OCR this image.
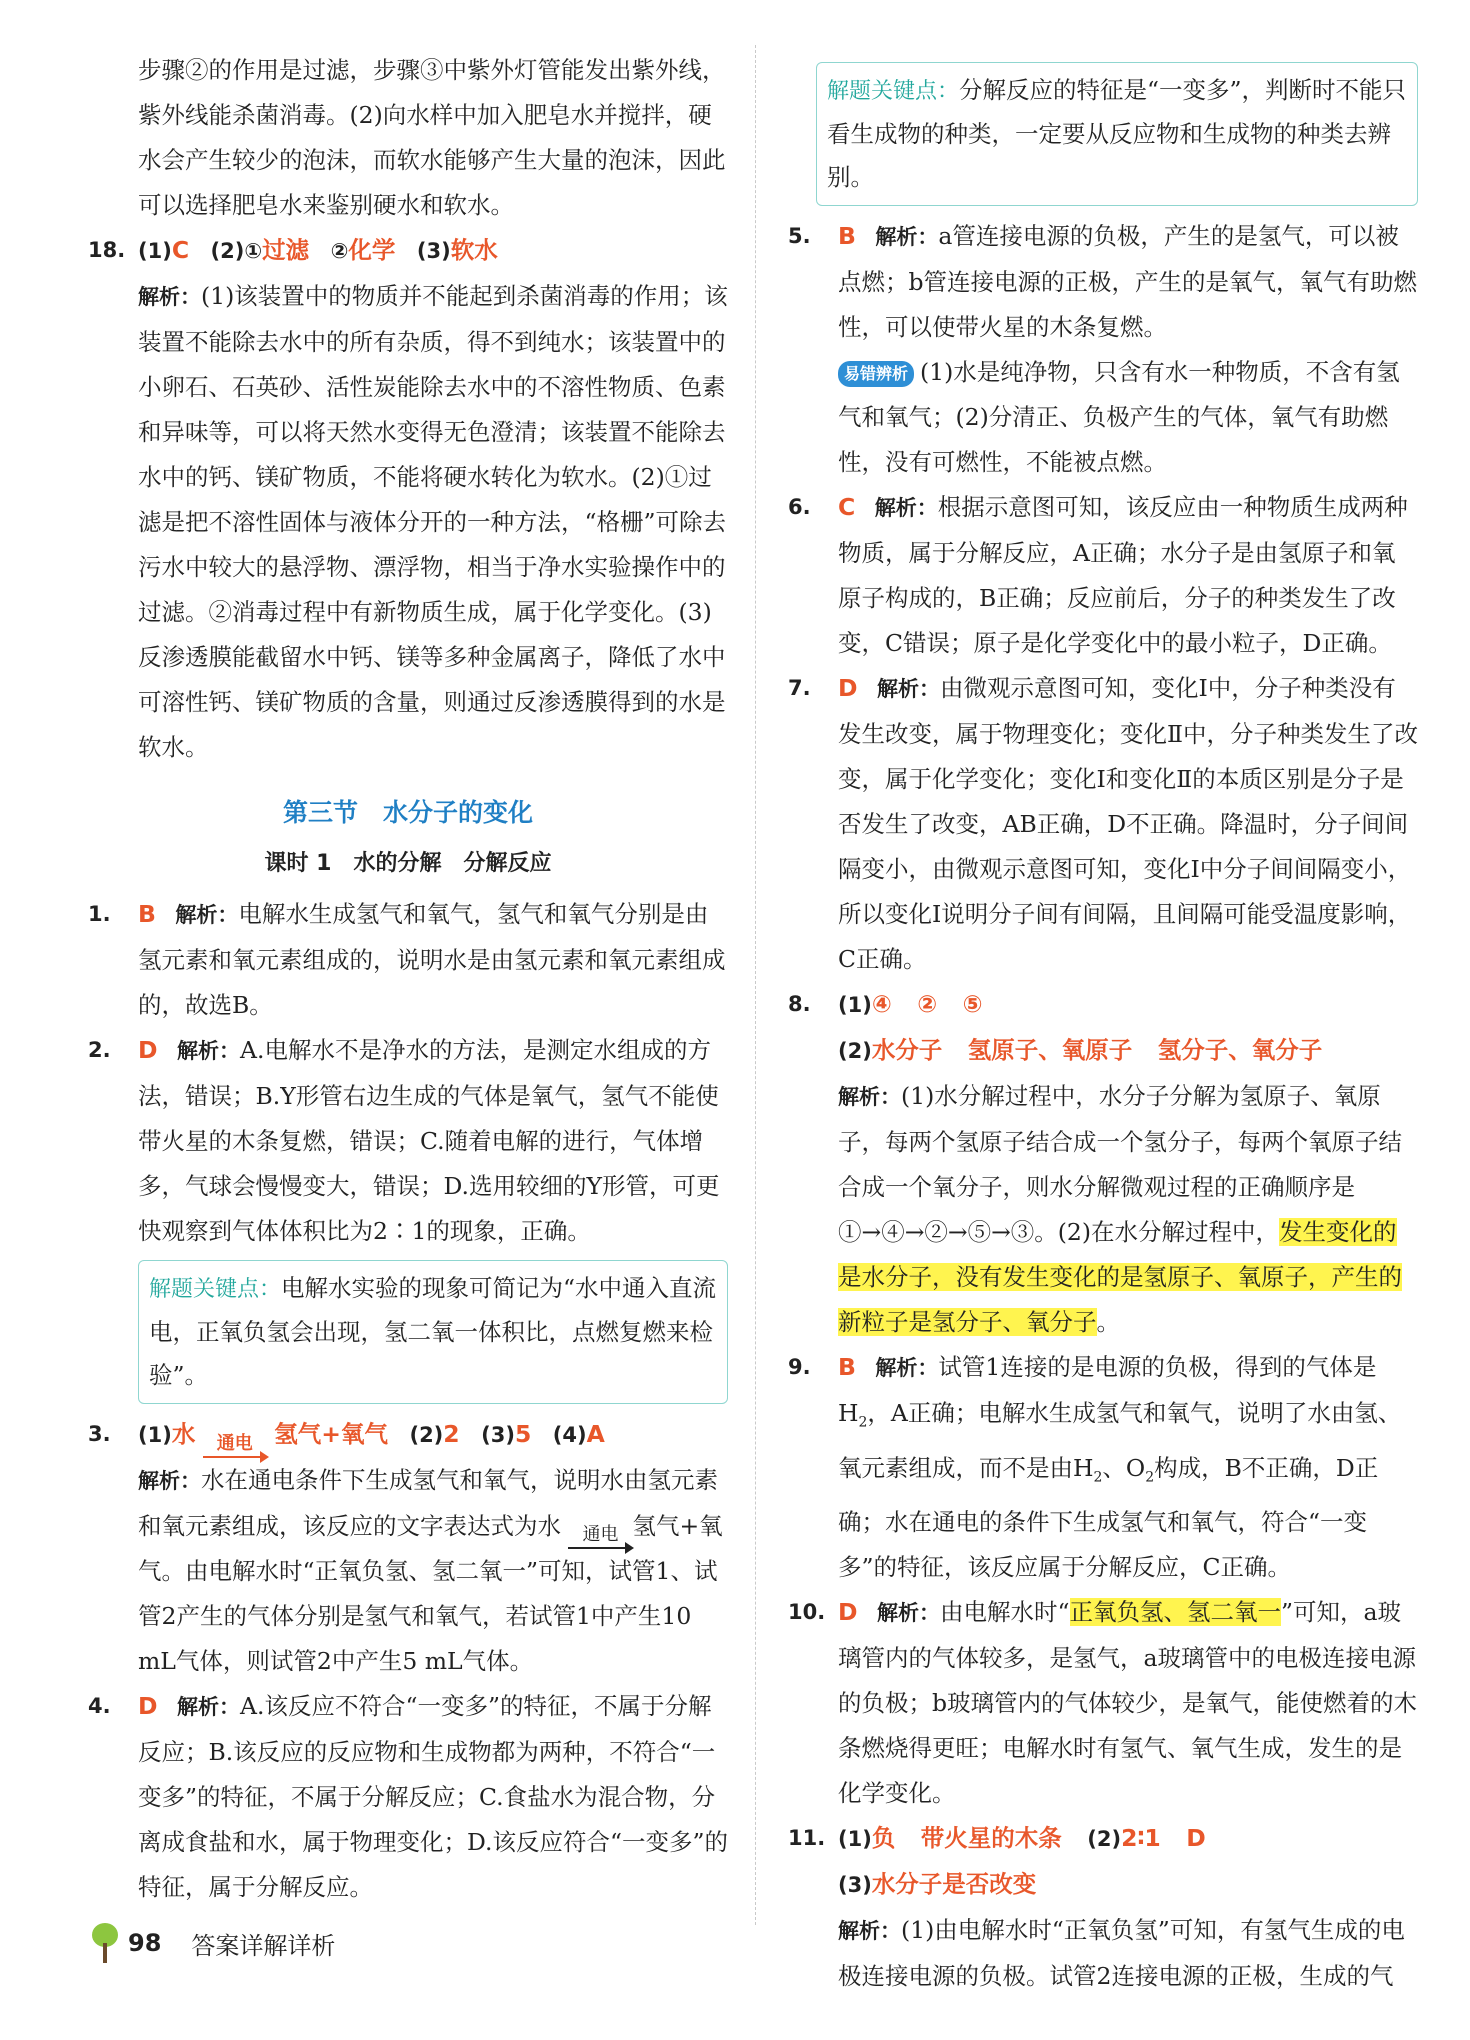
步骤②的作用是过滤，步骤③中紫外灯管能发出紫外线，紫外线能杀菌消毒。(2)向水样中加入肥皂水并搅拌，硬水会产生较少的泡沫，而软水能够产生大量的泡沫，因此可以选择肥皂水来鉴别硬水和软水。

18. (1)C (2)①过滤 ②化学 (3)软水
解析：(1)该装置中的物质并不能起到杀菌消毒的作用；该装置不能除去水中的所有杂质，得不到纯水；该装置中的小卵石、石英砂、活性炭能除去水中的不溶性物质、色素和异味等，可以将天然水变得无色澄清；该装置不能除去水中的钙、镁矿物质，不能将硬水转化为软水。(2)①过滤是把不溶性固体与液体分开的一种方法，“格栅”可除去污水中较大的悬浮物、漂浮物，相当于净水实验操作中的过滤。②消毒过程中有新物质生成，属于化学变化。(3)反渗透膜能截留水中钙、镁等多种金属离子，降低了水中可溶性钙、镁矿物质的含量，则通过反渗透膜得到的水是软水。
第三节　水分子的变化
课时 1　水的分解　分解反应
1. B 解析：电解水生成氢气和氧气，氢气和氧气分别是由氢元素和氧元素组成的，说明水是由氢元素和氧元素组成的，故选B。
2. D 解析：A.电解水不是净水的方法，是测定水组成的方法，错误；B.Y形管右边生成的气体是氧气，氢气不能使带火星的木条复燃，错误；C.随着电解的进行，气体增多，气球会慢慢变大，错误；D.选用较细的Y形管，可更快观察到气体体积比为2∶1的现象，正确。
解题关键点：电解水实验的现象可简记为“水中通入直流电，正氧负氢会出现，氢二氧一体积比，点燃复燃来检验”。
3. (1)水	通电 氢气+氧气 (2)2 (3)5 (4)A
解析：水在通电条件下生成氢气和氧气，说明水由氢元素和氧元素组成，该反应的文字表达式为水	通电 氢气+氧气。由电解水时“正氧负氢、氢二氧一”可知，试管1、试管2产生的气体分别是氢气和氧气，若试管1中产生10 mL气体，则试管2中产生5 mL气体。
4. D 解析：A.该反应不符合“一变多”的特征，不属于分解反应；B.该反应的反应物和生成物都为两种，不符合“一变多”的特征，不属于分解反应；C.食盐水为混合物，分离成食盐和水，属于物理变化；D.该反应符合“一变多”的特征，属于分解反应。
解题关键点：分解反应的特征是“一变多”，判断时不能只看生成物的种类，一定要从反应物和生成物的种类去辨别。
5. B 解析：a管连接电源的负极，产生的是氢气，可以被点燃；b管连接电源的正极，产生的是氧气，氧气有助燃性，可以使带火星的木条复燃。
易错辨析 (1)水是纯净物，只含有水一种物质，不含有氢气和氧气；(2)分清正、负极产生的气体，氧气有助燃性，没有可燃性，不能被点燃。
6. C 解析：根据示意图可知，该反应由一种物质生成两种物质，属于分解反应，A正确；水分子是由氢原子和氧原子构成的，B正确；反应前后，分子的种类发生了改变，C错误；原子是化学变化中的最小粒子，D正确。
7. D 解析：由微观示意图可知，变化Ⅰ中，分子种类没有发生改变，属于物理变化；变化Ⅱ中，分子种类发生了改变，属于化学变化；变化Ⅰ和变化Ⅱ的本质区别是分子是否发生了改变，AB正确，D不正确。降温时，分子间间隔变小，由微观示意图可知，变化Ⅰ中分子间间隔变小，所以变化Ⅰ说明分子间有间隔，且间隔可能受温度影响，C正确。
8. (1)④ ② ⑤
(2)水分子 氢原子、氧原子 氢分子、氧分子
解析：(1)水分解过程中，水分子分解为氢原子、氧原子，每两个氢原子结合成一个氢分子，每两个氧原子结合成一个氧分子，则水分解微观过程的正确顺序是①→④→②→⑤→③。(2)在水分解过程中，发生变化的是水分子，没有发生变化的是氢原子、氧原子，产生的新粒子是氢分子、氧分子。
9. B 解析：试管1连接的是电源的负极，得到的气体是$H_2$，A正确；电解水生成氢气和氧气，说明了水由氢、氧元素组成，而不是由$H_2$、$O_2$构成，B不正确，D正确；水在通电的条件下生成氢气和氧气，符合“一变多”的特征，该反应属于分解反应，C正确。
10. D 解析：由电解水时“正氧负氢、氢二氧一”可知，a玻璃管内的气体较多，是氢气，a玻璃管中的电极连接电源的负极；b玻璃管内的气体较少，是氧气，能使燃着的木条燃烧得更旺；电解水时有氢气、氧气生成，发生的是化学变化。
11. (1)负 带火星的木条 (2)2∶1 D
(3)水分子是否改变
解析：(1)由电解水时“正氧负氢”可知，有氢气生成的电极连接电源的负极。试管2连接电源的正极，生成的气
98 答案详解详析
